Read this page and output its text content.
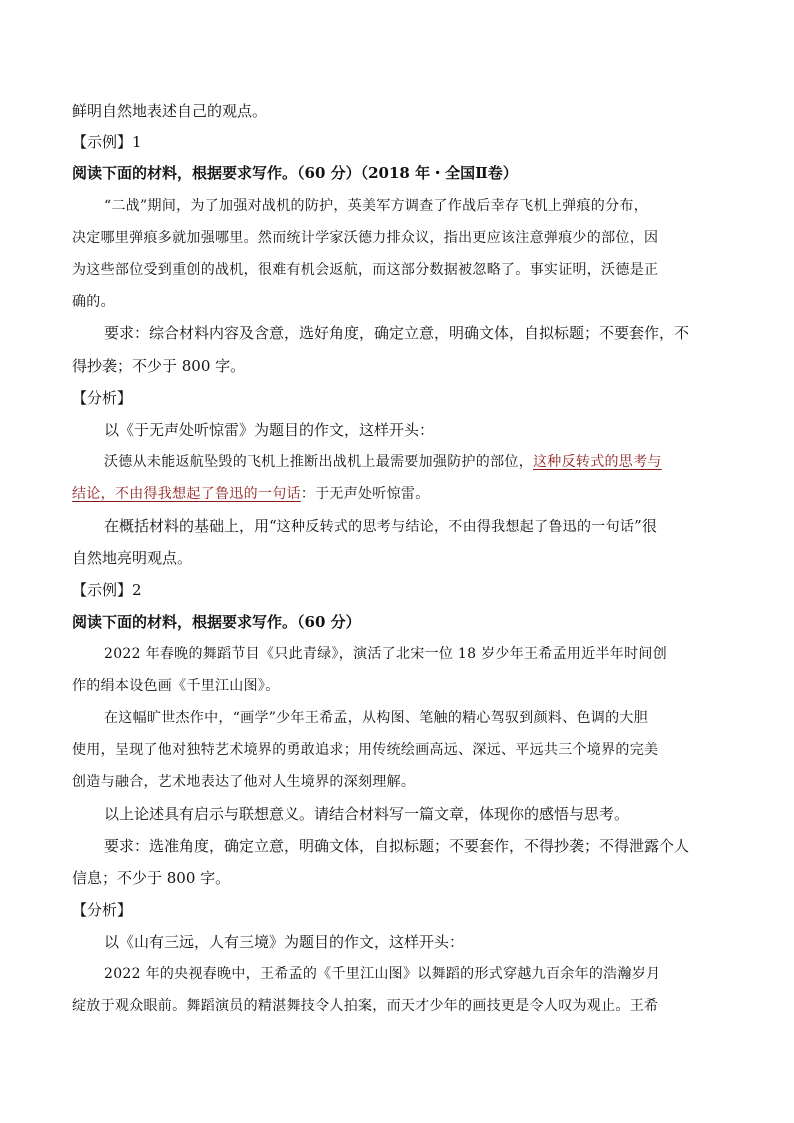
鲜明自然地表述自己的观点。
【示例】1
阅读下面的材料，根据要求写作。（60 分）（2018 年・全国Ⅱ卷）
“二战”期间，为了加强对战机的防护，英美军方调查了作战后幸存飞机上弹痕的分布，
决定哪里弹痕多就加强哪里。然而统计学家沃德力排众议，指出更应该注意弹痕少的部位，因
为这些部位受到重创的战机，很难有机会返航，而这部分数据被忽略了。事实证明，沃德是正
确的。
要求：综合材料内容及含意，选好角度，确定立意，明确文体，自拟标题；不要套作，不
得抄袭；不少于 800 字。
【分析】
以《于无声处听惊雷》为题目的作文，这样开头：
沃德从未能返航坠毁的飞机上推断出战机上最需要加强防护的部位，这种反转式的思考与
结论，不由得我想起了鲁迅的一句话：于无声处听惊雷。
在概括材料的基础上，用“这种反转式的思考与结论，不由得我想起了鲁迅的一句话”很
自然地亮明观点。
【示例】2
阅读下面的材料，根据要求写作。（60 分）
2022 年春晚的舞蹈节目《只此青绿》，演活了北宋一位 18 岁少年王希孟用近半年时间创
作的绢本设色画《千里江山图》。
在这幅旷世杰作中，“画学”少年王希孟，从构图、笔触的精心驾驭到颜料、色调的大胆
使用，呈现了他对独特艺术境界的勇敢追求；用传统绘画高远、深远、平远共三个境界的完美
创造与融合，艺术地表达了他对人生境界的深刻理解。
以上论述具有启示与联想意义。请结合材料写一篇文章，体现你的感悟与思考。
要求：选准角度，确定立意，明确文体，自拟标题；不要套作，不得抄袭；不得泄露个人
信息；不少于 800 字。
【分析】
以《山有三远，人有三境》为题目的作文，这样开头：
2022 年的央视春晚中，王希孟的《千里江山图》以舞蹈的形式穿越九百余年的浩瀚岁月
绽放于观众眼前。舞蹈演员的精湛舞技令人拍案，而天才少年的画技更是令人叹为观止。王希
